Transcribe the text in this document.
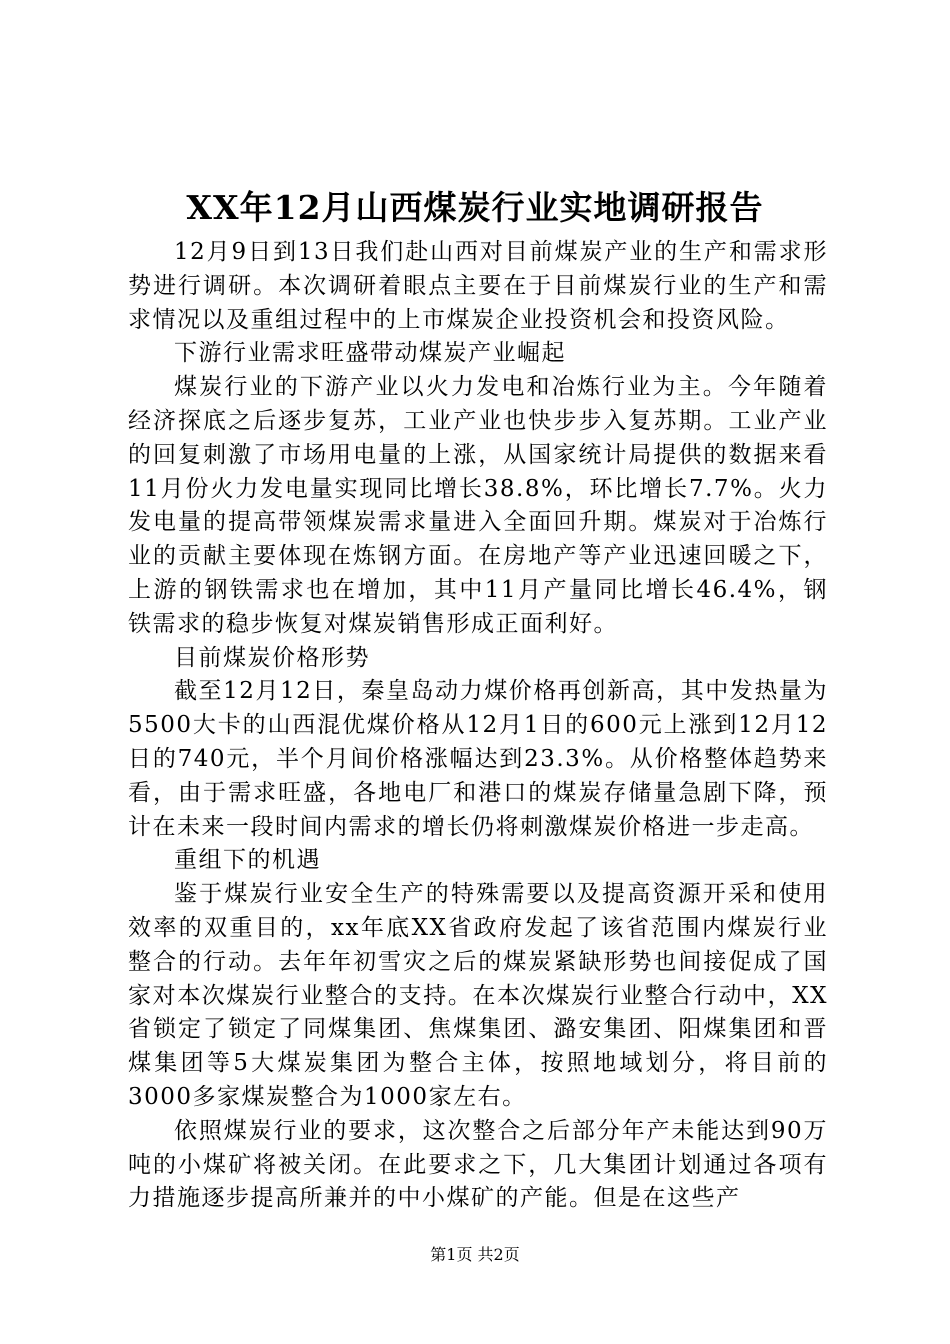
XX年12月山西煤炭行业实地调研报告

12月9日到13日我们赴山西对目前煤炭产业的生产和需求形势进行调研。本次调研着眼点主要在于目前煤炭行业的生产和需求情况以及重组过程中的上市煤炭企业投资机会和投资风险。

下游行业需求旺盛带动煤炭产业崛起

煤炭行业的下游产业以火力发电和冶炼行业为主。今年随着经济探底之后逐步复苏，工业产业也快步步入复苏期。工业产业的回复刺激了市场用电量的上涨，从国家统计局提供的数据来看11月份火力发电量实现同比增长38.8%，环比增长7.7%。火力发电量的提高带领煤炭需求量进入全面回升期。煤炭对于冶炼行业的贡献主要体现在炼钢方面。在房地产等产业迅速回暖之下，上游的钢铁需求也在增加，其中11月产量同比增长46.4%，钢铁需求的稳步恢复对煤炭销售形成正面利好。

目前煤炭价格形势

截至12月12日，秦皇岛动力煤价格再创新高，其中发热量为5500大卡的山西混优煤价格从12月1日的600元上涨到12月12日的740元，半个月间价格涨幅达到23.3%。从价格整体趋势来看，由于需求旺盛，各地电厂和港口的煤炭存储量急剧下降，预计在未来一段时间内需求的增长仍将刺激煤炭价格进一步走高。

重组下的机遇

鉴于煤炭行业安全生产的特殊需要以及提高资源开采和使用效率的双重目的，xx年底XX省政府发起了该省范围内煤炭行业整合的行动。去年年初雪灾之后的煤炭紧缺形势也间接促成了国家对本次煤炭行业整合的支持。在本次煤炭行业整合行动中，XX省锁定了锁定了同煤集团、焦煤集团、潞安集团、阳煤集团和晋煤集团等5大煤炭集团为整合主体，按照地域划分，将目前的3000多家煤炭整合为1000家左右。

依照煤炭行业的要求，这次整合之后部分年产未能达到90万吨的小煤矿将被关闭。在此要求之下，几大集团计划通过各项有力措施逐步提高所兼并的中小煤矿的产能。但是在这些产

第1页 共2页
